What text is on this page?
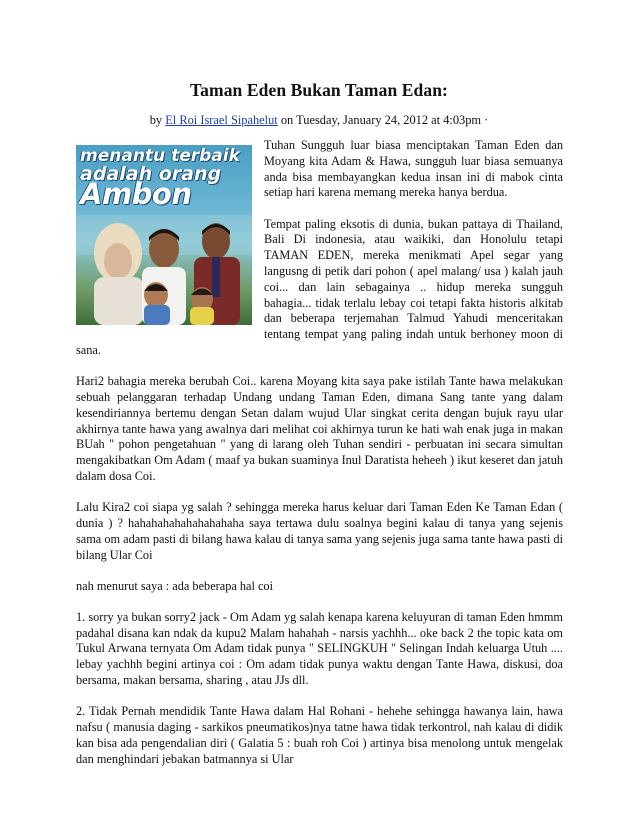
Taman Eden Bukan Taman Edan:
by El Roi Israel Sipahelut on Tuesday, January 24, 2012 at 4:03pm ·
menantu terbaik
adalah orang
Ambon

Tuhan Sungguh luar biasa menciptakan Taman Eden dan Moyang kita Adam & Hawa, sungguh luar biasa semuanya anda bisa membayangkan kedua insan ini di mabok cinta setiap hari karena memang mereka hanya berdua.

Tempat paling eksotis di dunia, bukan pattaya di Thailand, Bali Di indonesia, atau waikiki, dan Honolulu tetapi TAMAN EDEN, mereka menikmati Apel segar yang langusng di petik dari pohon ( apel malang/ usa ) kalah jauh coi... dan lain sebagainya .. hidup mereka sungguh bahagia... tidak terlalu lebay coi tetapi fakta historis alkitab dan beberapa terjemahan Talmud Yahudi menceritakan tentang tempat yang paling indah untuk berhoney moon di sana.

Hari2 bahagia mereka berubah Coi.. karena Moyang kita saya pake istilah Tante hawa melakukan sebuah pelanggaran terhadap Undang undang Taman Eden, dimana Sang tante yang dalam kesendiriannya bertemu dengan Setan dalam wujud Ular singkat cerita dengan bujuk rayu ular akhirnya tante hawa yang awalnya dari melihat coi akhirnya turun ke hati wah enak juga in makan BUah " pohon pengetahuan " yang di larang oleh Tuhan sendiri - perbuatan ini secara simultan mengakibatkan Om Adam ( maaf ya bukan suaminya Inul Daratista heheeh ) ikut keseret dan jatuh dalam dosa Coi.

Lalu Kira2 coi siapa yg salah ? sehingga mereka harus keluar dari Taman Eden Ke Taman Edan ( dunia ) ? hahahahahahahahahaha saya tertawa dulu soalnya begini kalau di tanya yang sejenis sama om adam pasti di bilang hawa kalau di tanya sama yang sejenis juga sama tante hawa pasti di bilang Ular Coi

nah menurut saya : ada beberapa hal coi

1. sorry ya bukan sorry2 jack - Om Adam yg salah kenapa karena keluyuran di taman Eden hmmm padahal disana kan ndak da kupu2 Malam hahahah - narsis yachhh... oke back 2 the topic kata om Tukul Arwana ternyata Om Adam tidak punya " SELINGKUH " Selingan Indah keluarga Utuh .... lebay yachhh begini artinya coi : Om adam tidak punya waktu dengan Tante Hawa, diskusi, doa bersama, makan bersama, sharing , atau JJs dll.

2. Tidak Pernah mendidik Tante Hawa dalam Hal Rohani - hehehe sehingga hawanya lain, hawa nafsu ( manusia daging - sarkikos pneumatikos)nya tatne hawa tidak terkontrol, nah kalau di didik kan bisa ada pengendalian diri ( Galatia 5 : buah roh Coi ) artinya bisa menolong untuk mengelak dan menghindari jebakan batmannya si Ular
